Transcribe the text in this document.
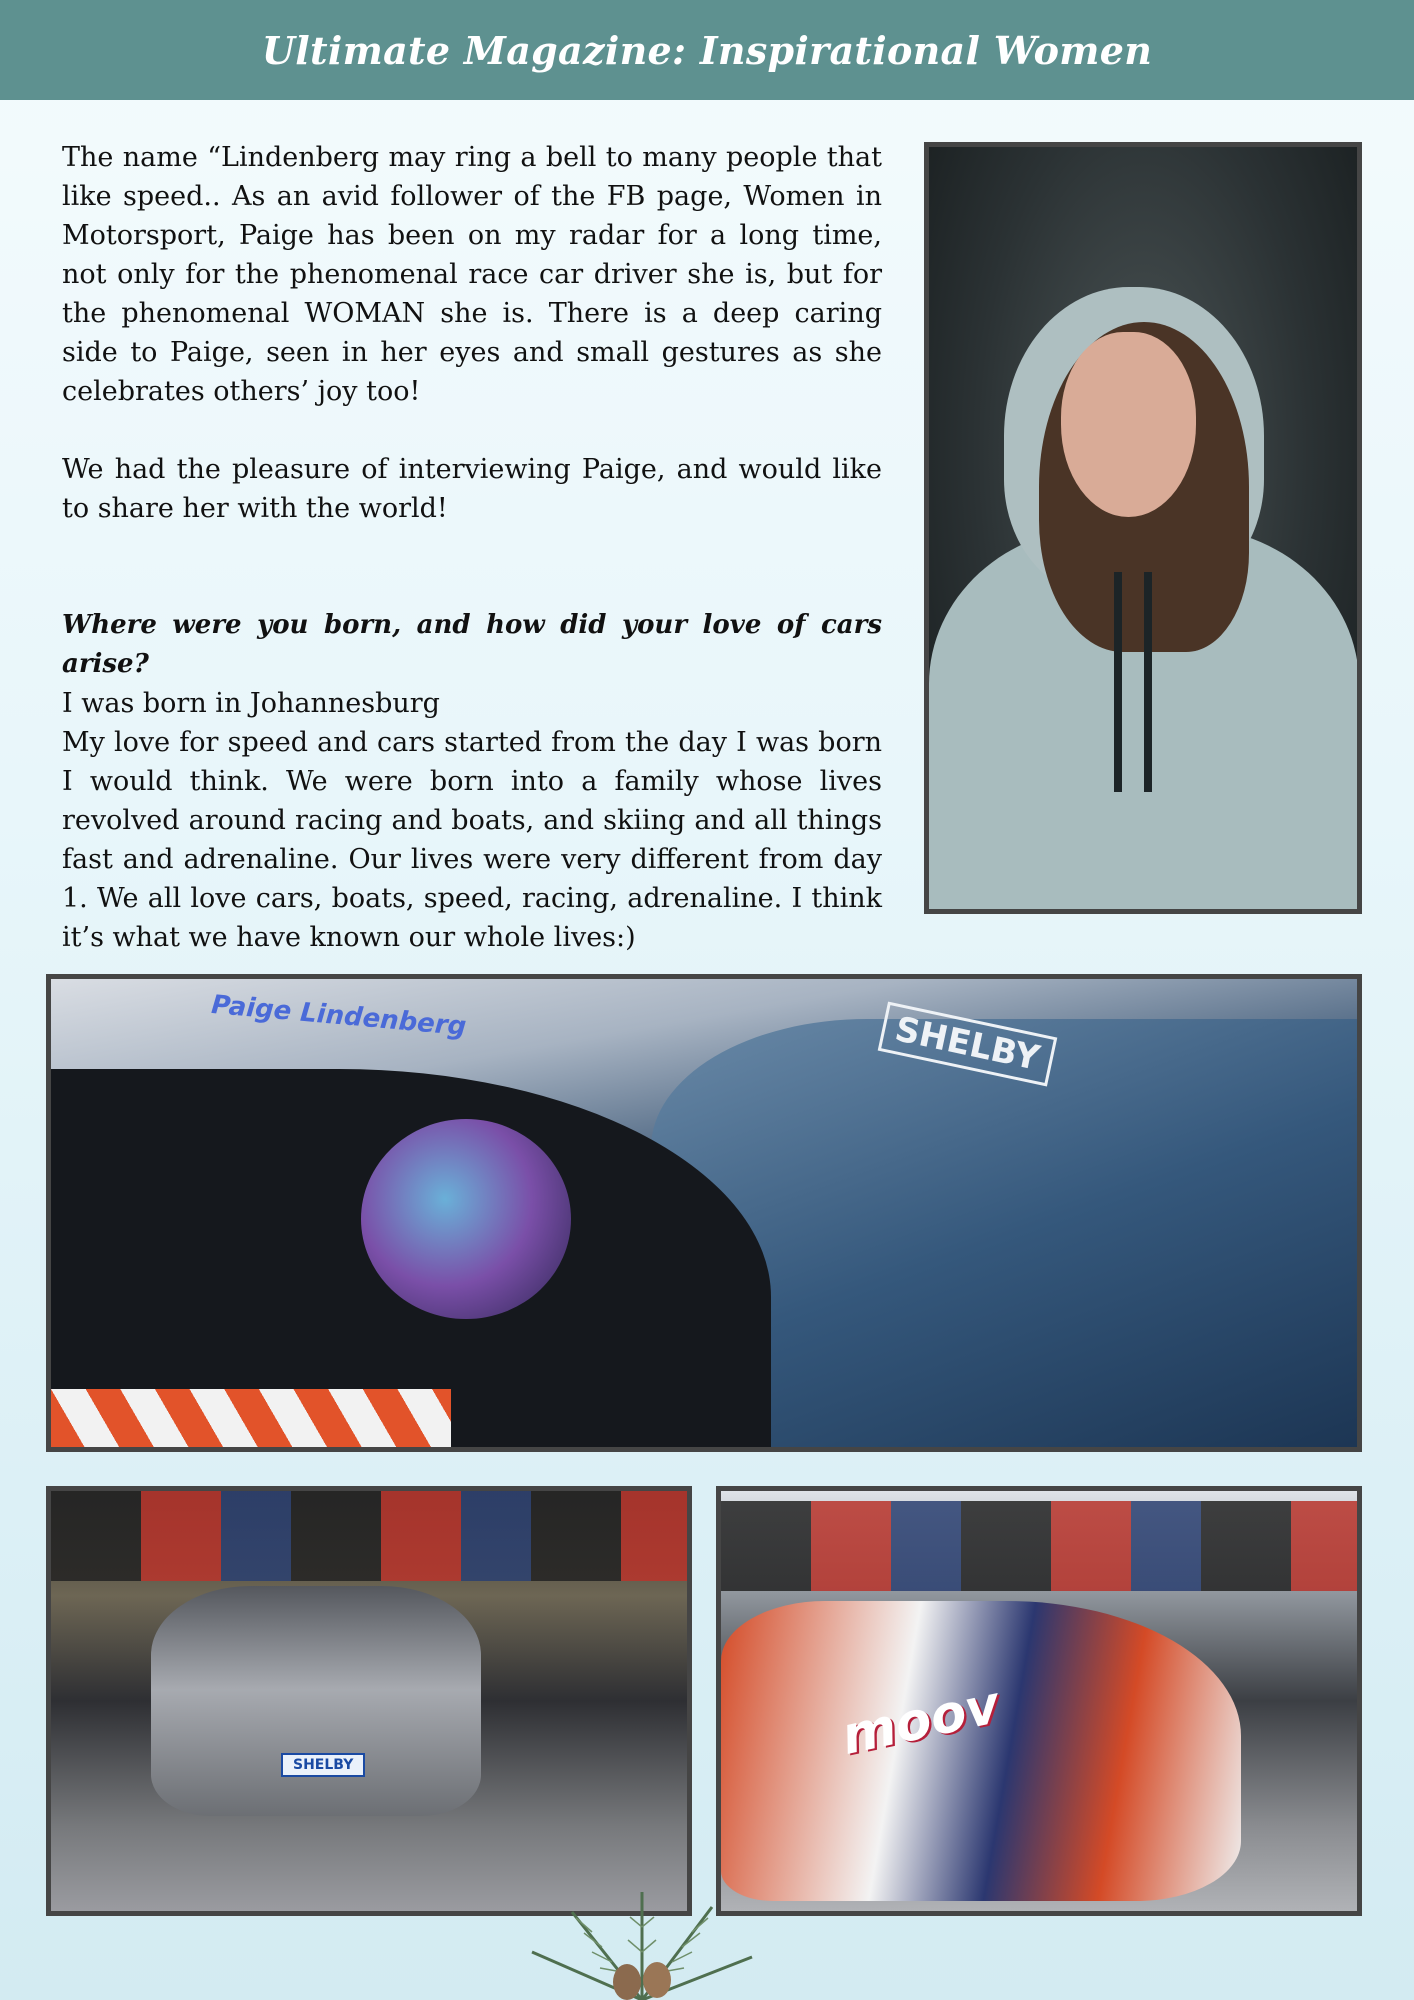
Ultimate Magazine: Inspirational Women

The name “Lindenberg may ring a bell to many people that like speed.. As an avid follower of the FB page, Women in Motorsport, Paige has been on my radar for a long time, not only for the phenomenal race car driver she is, but for the phenomenal WOMAN she is. There is a deep caring side to Paige, seen in her eyes and small gestures as she celebrates others’ joy too!

We had the pleasure of interviewing Paige, and would like to share her with the world!

Where were you born, and how did your love of cars arise?

I was born in Johannesburg

My love for speed and cars started from the day I was born I would think. We were born into a family whose lives revolved around racing and boats, and skiing and all things fast and adrenaline. Our lives were very different from day 1. We all love cars, boats, speed, racing, adrenaline. I think it’s what we have known our whole lives:)

Paige Lindenberg	SHELBY
SHELBY	moov
